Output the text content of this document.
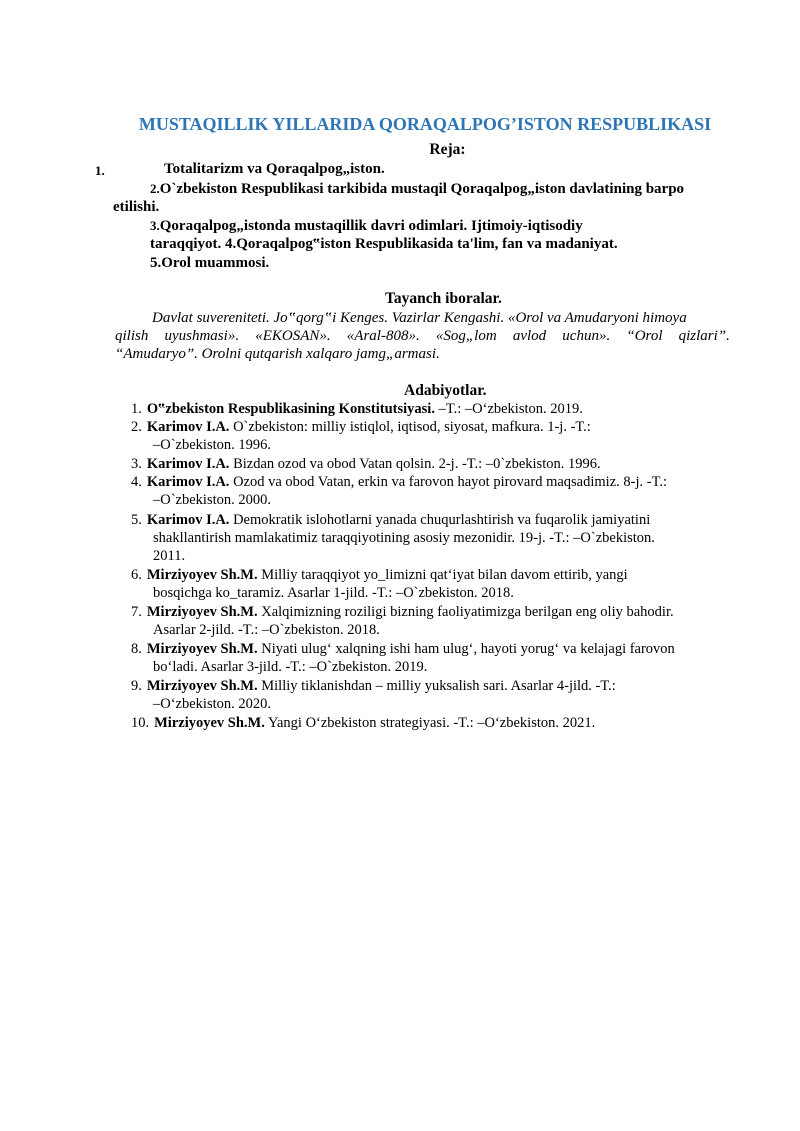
MUSTAQILLIK YILLARIDA QORAQALPOG’ISTON RESPUBLIKASI
Reja:
1.	Totalitarizm va Qoraqalpog„iston.
2.O`zbekiston Respublikasi tarkibida mustaqil Qoraqalpog„iston davlatining barpo
etilishi.
3.Qoraqalpog„istonda mustaqillik davri odimlari. Ijtimoiy-iqtisodiy
taraqqiyot. 4.Qoraqalpog‟iston Respublikasida ta'lim, fan va madaniyat.
5.Orol muammosi.
Tayanch iboralar.
Davlat suvereniteti. Jo‟qorg‟i Kenges. Vazirlar Kengashi. «Orol va Amudaryoni himoya
qilish uyushmasi». «EKOSAN». «Aral-808». «Sog„lom avlod uchun». “Orol qizlari”.
“Amudaryo”. Orolni qutqarish xalqaro jamg„armasi.
Adabiyotlar.
1. O‟zbekiston Respublikasining Konstitutsiyasi. –T.: –O‘zbekiston. 2019.
2. Karimov I.A. O`zbekiston: milliy istiqlol, iqtisod, siyosat, mafkura. 1-j. -T.:
–O`zbekiston. 1996.
3. Karimov I.A. Bizdan ozod va obod Vatan qolsin. 2-j. -T.: –0`zbekiston. 1996.
4. Karimov I.A. Ozod va obod Vatan, erkin va farovon hayot pirovard maqsadimiz. 8-j. -T.:
–O`zbekiston. 2000.
5. Karimov I.A. Demokratik islohotlarni yanada chuqurlashtirish va fuqarolik jamiyatini
shakllantirish mamlakatimiz taraqqiyotining asosiy mezonidir. 19-j. -T.: –O`zbekiston.
2011.
6. Mirziyoyev Sh.M. Milliy taraqqiyot yo_limizni qat‘iyat bilan davom ettirib, yangi
bosqichga ko_taramiz. Asarlar 1-jild. -T.: –O`zbekiston. 2018.
7. Mirziyoyev Sh.M. Xalqimizning roziligi bizning faoliyatimizga berilgan eng oliy bahodir.
Asarlar 2-jild. -T.: –O`zbekiston. 2018.
8. Mirziyoyev Sh.M. Niyati ulug‘ xalqning ishi ham ulug‘, hayoti yorug‘ va kelajagi farovon
bo‘ladi. Asarlar 3-jild. -T.: –O`zbekiston. 2019.
9. Mirziyoyev Sh.M. Milliy tiklanishdan – milliy yuksalish sari. Asarlar 4-jild. -T.:
–O‘zbekiston. 2020.
10. Mirziyoyev Sh.M. Yangi O‘zbekiston strategiyasi. -T.: –O‘zbekiston. 2021.
